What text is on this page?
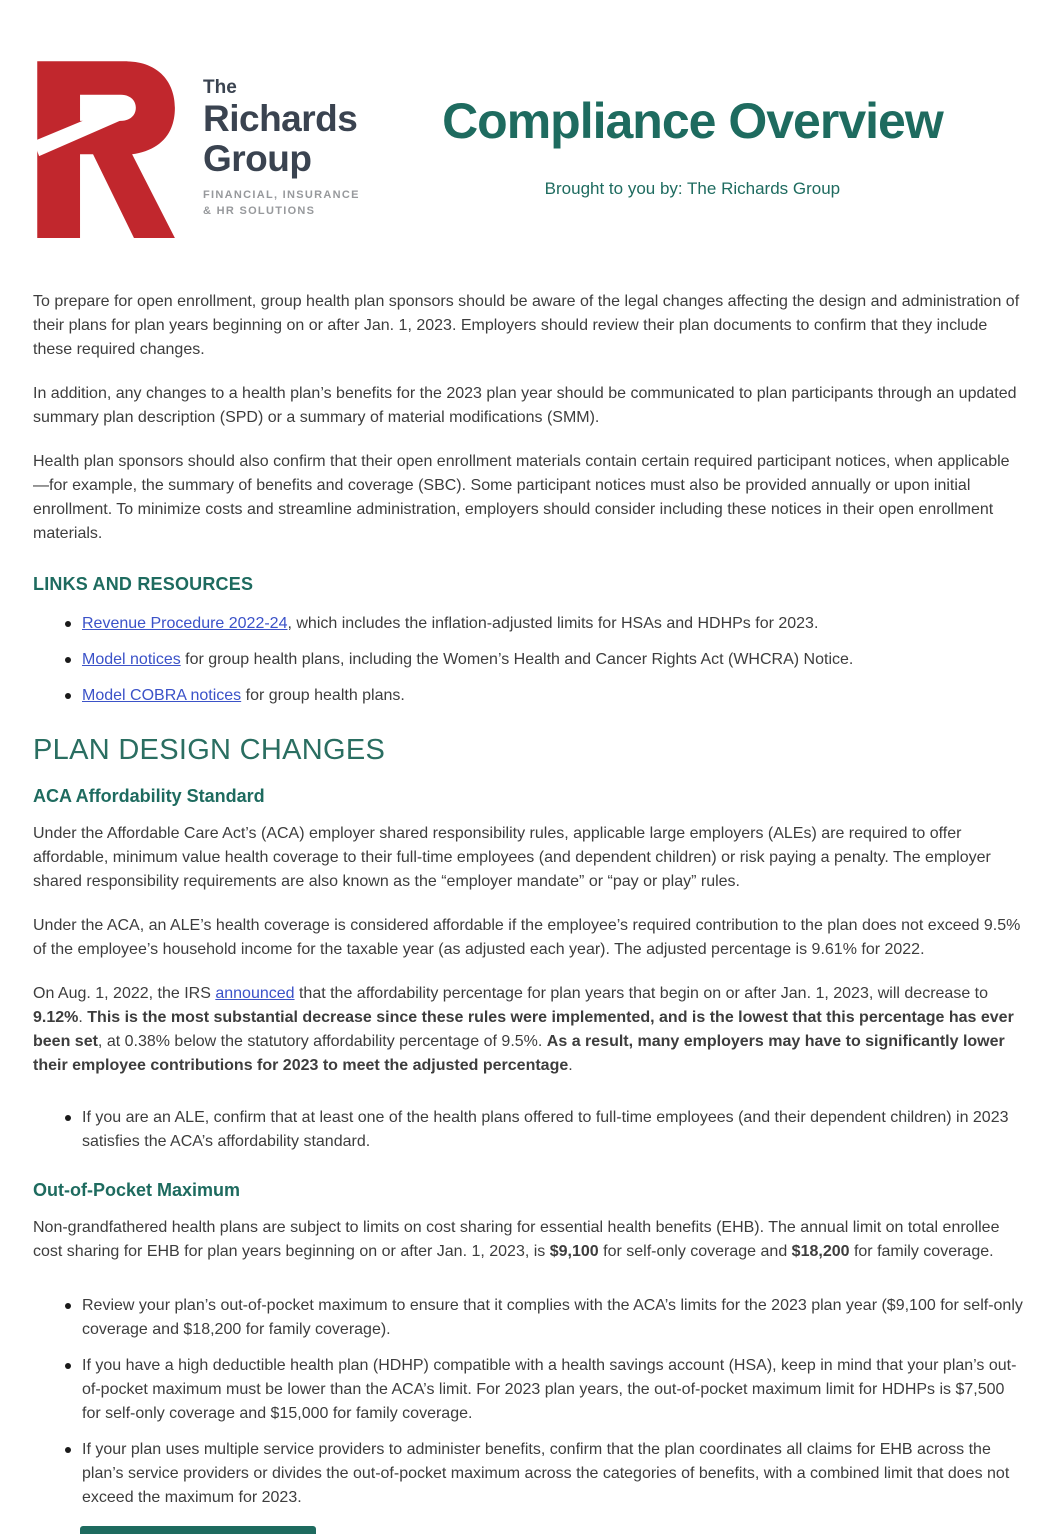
The
Richards
Group
FINANCIAL, INSURANCE
& HR SOLUTIONS
Compliance Overview
Brought to you by: The Richards Group

To prepare for open enrollment, group health plan sponsors should be aware of the legal changes affecting the design and administration of their plans for plan years beginning on or after Jan. 1, 2023. Employers should review their plan documents to confirm that they include these required changes.

In addition, any changes to a health plan’s benefits for the 2023 plan year should be communicated to plan participants through an updated summary plan description (SPD) or a summary of material modifications (SMM).

Health plan sponsors should also confirm that their open enrollment materials contain certain required participant notices, when applicable—for example, the summary of benefits and coverage (SBC). Some participant notices must also be provided annually or upon initial enrollment. To minimize costs and streamline administration, employers should consider including these notices in their open enrollment materials.

LINKS AND RESOURCES
Revenue Procedure 2022-24, which includes the inflation-adjusted limits for HSAs and HDHPs for 2023.
Model notices for group health plans, including the Women’s Health and Cancer Rights Act (WHCRA) Notice.
Model COBRA notices for group health plans.
PLAN DESIGN CHANGES
ACA Affordability Standard

Under the Affordable Care Act’s (ACA) employer shared responsibility rules, applicable large employers (ALEs) are required to offer affordable, minimum value health coverage to their full-time employees (and dependent children) or risk paying a penalty. The employer shared responsibility requirements are also known as the “employer mandate” or “pay or play” rules.

Under the ACA, an ALE’s health coverage is considered affordable if the employee’s required contribution to the plan does not exceed 9.5% of the employee’s household income for the taxable year (as adjusted each year). The adjusted percentage is 9.61% for 2022.

On Aug. 1, 2022, the IRS announced that the affordability percentage for plan years that begin on or after Jan. 1, 2023, will decrease to 9.12%. This is the most substantial decrease since these rules were implemented, and is the lowest that this percentage has ever been set, at 0.38% below the statutory affordability percentage of 9.5%. As a result, many employers may have to significantly lower their employee contributions for 2023 to meet the adjusted percentage.

If you are an ALE, confirm that at least one of the health plans offered to full-time employees (and their dependent children) in 2023 satisfies the ACA’s affordability standard.
Out-of-Pocket Maximum

Non-grandfathered health plans are subject to limits on cost sharing for essential health benefits (EHB). The annual limit on total enrollee cost sharing for EHB for plan years beginning on or after Jan. 1, 2023, is $9,100 for self-only coverage and $18,200 for family coverage.

Review your plan’s out-of-pocket maximum to ensure that it complies with the ACA’s limits for the 2023 plan year ($9,100 for self-only coverage and $18,200 for family coverage).
If you have a high deductible health plan (HDHP) compatible with a health savings account (HSA), keep in mind that your plan’s out-of-pocket maximum must be lower than the ACA’s limit. For 2023 plan years, the out-of-pocket maximum limit for HDHPs is $7,500 for self-only coverage and $15,000 for family coverage.
If your plan uses multiple service providers to administer benefits, confirm that the plan coordinates all claims for EHB across the plan’s service providers or divides the out-of-pocket maximum across the categories of benefits, with a combined limit that does not exceed the maximum for 2023.
